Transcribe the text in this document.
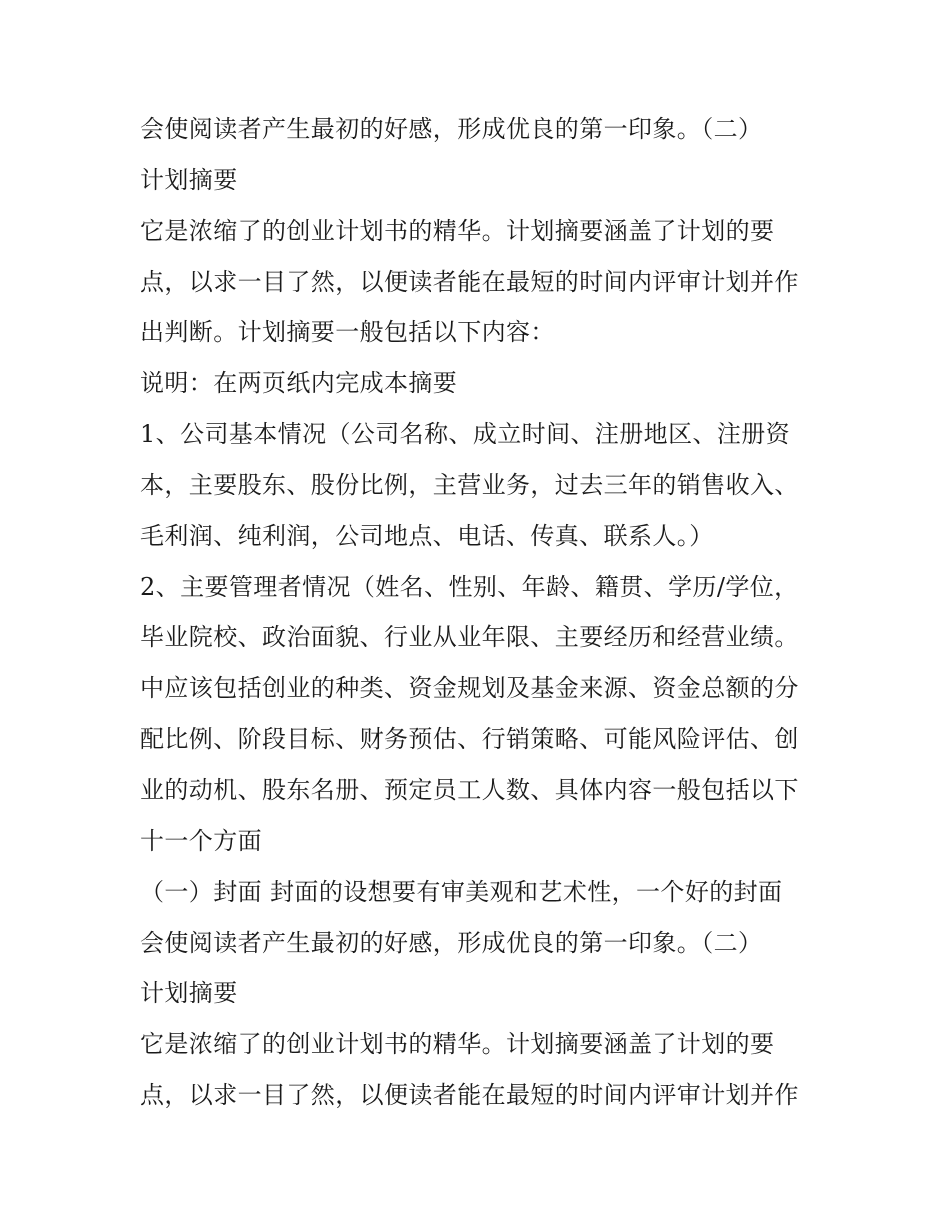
会使阅读者产生最初的好感，形成优良的第一印象。（二）
计划摘要
它是浓缩了的创业计划书的精华。计划摘要涵盖了计划的要
点，以求一目了然，以便读者能在最短的时间内评审计划并作
出判断。计划摘要一般包括以下内容：
说明：在两页纸内完成本摘要
1、公司基本情况（公司名称、成立时间、注册地区、注册资
本，主要股东、股份比例，主营业务，过去三年的销售收入、
毛利润、纯利润，公司地点、电话、传真、联系人。）
2、主要管理者情况（姓名、性别、年龄、籍贯、学历/学位，
毕业院校、政治面貌、行业从业年限、主要经历和经营业绩。
中应该包括创业的种类、资金规划及基金来源、资金总额的分
配比例、阶段目标、财务预估、行销策略、可能风险评估、创
业的动机、股东名册、预定员工人数、具体内容一般包括以下
十一个方面
（一）封面 封面的设想要有审美观和艺术性，一个好的封面
会使阅读者产生最初的好感，形成优良的第一印象。（二）
计划摘要
它是浓缩了的创业计划书的精华。计划摘要涵盖了计划的要
点，以求一目了然，以便读者能在最短的时间内评审计划并作
